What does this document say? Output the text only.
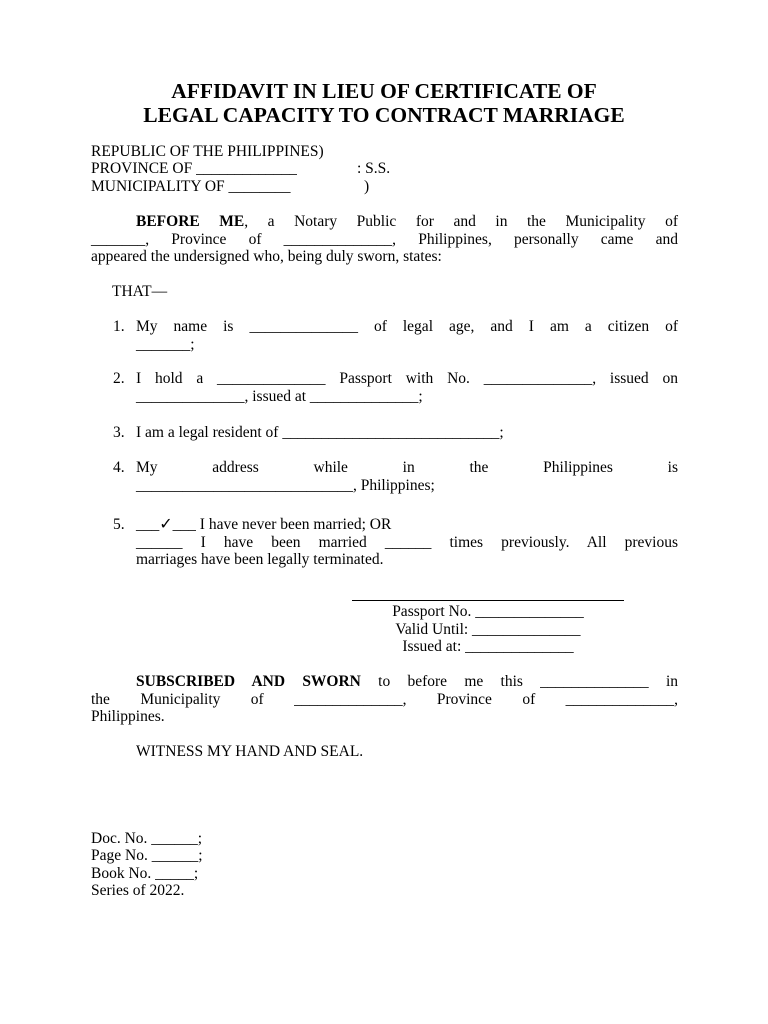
AFFIDAVIT IN LIEU OF CERTIFICATE OF
LEGAL CAPACITY TO CONTRACT MARRIAGE
REPUBLIC OF THE PHILIPPINES)
PROVINCE OF _____________	: S.S.
MUNICIPALITY OF ________	)
BEFORE ME, a Notary Public for and in the Municipality of
_______, Province of ______________, Philippines, personally came and
appeared the undersigned who, being duly sworn, states:
THAT—
1. My name is ______________ of legal age, and I am a citizen of
_______;
2. I hold a ______________ Passport with No. ______________, issued on
______________, issued at ______________;
3. I am a legal resident of ____________________________;
4. My address while in the Philippines is
____________________________, Philippines;
5. ___✓___ I have never been married; OR
______ I have been married ______ times previously. All previous
marriages have been legally terminated.
Passport No. ______________
Valid Until: ______________
Issued at: ______________
SUBSCRIBED AND SWORN to before me this ______________ in
the Municipality of ______________, Province of ______________,
Philippines.
WITNESS MY HAND AND SEAL.
Doc. No. ______;
Page No. ______;
Book No. _____;
Series of 2022.
